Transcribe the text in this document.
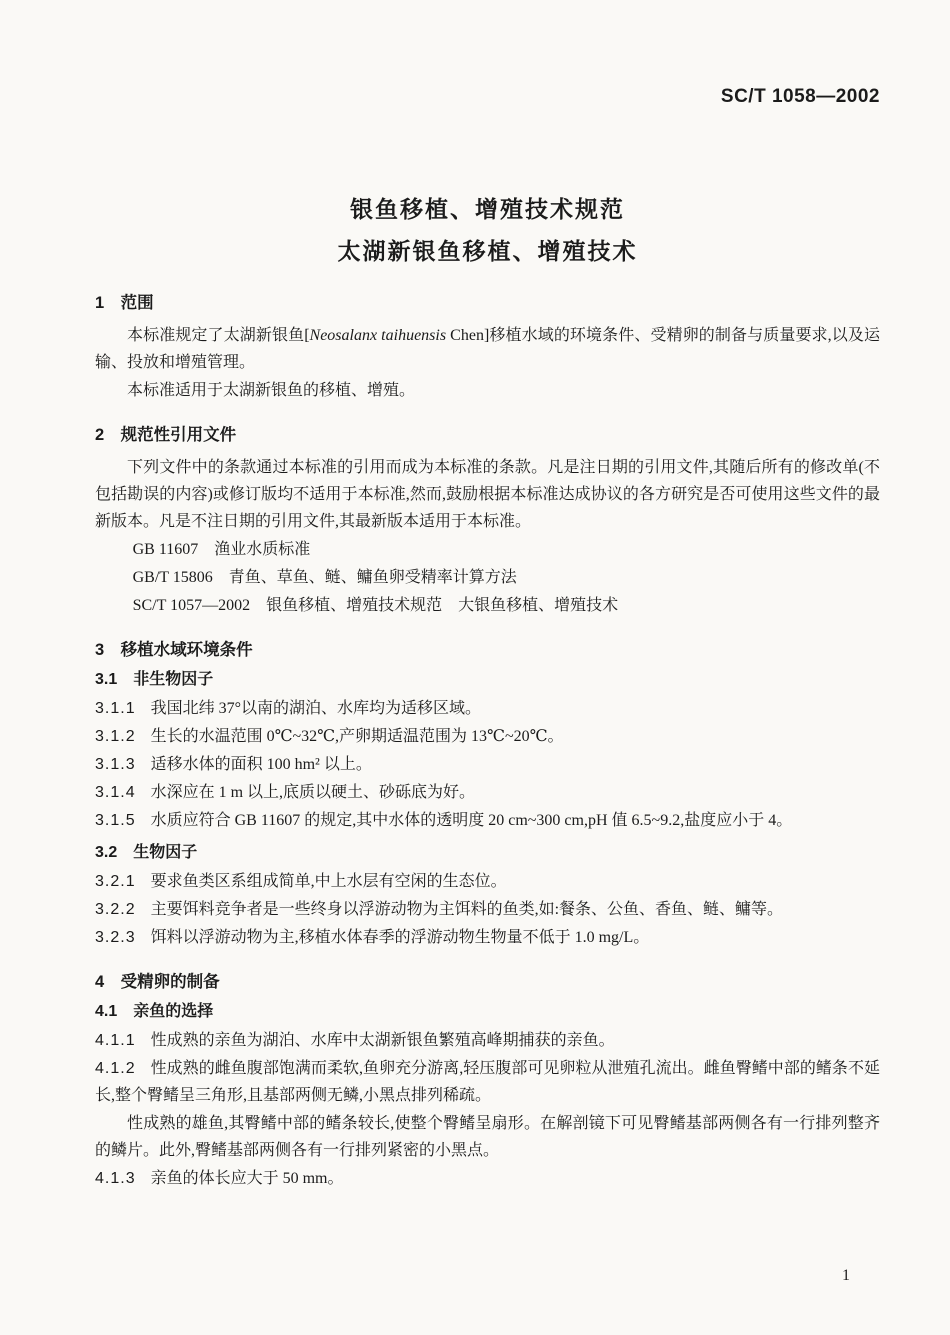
SC/T 1058—2002
银鱼移植、增殖技术规范
太湖新银鱼移植、增殖技术
1　范围

本标准规定了太湖新银鱼[Neosalanx taihuensis Chen]移植水域的环境条件、受精卵的制备与质量要求,以及运输、投放和增殖管理。

本标准适用于太湖新银鱼的移植、增殖。

2　规范性引用文件

下列文件中的条款通过本标准的引用而成为本标准的条款。凡是注日期的引用文件,其随后所有的修改单(不包括勘误的内容)或修订版均不适用于本标准,然而,鼓励根据本标准达成协议的各方研究是否可使用这些文件的最新版本。凡是不注日期的引用文件,其最新版本适用于本标准。

GB 11607　渔业水质标准

GB/T 15806　青鱼、草鱼、鲢、鳙鱼卵受精率计算方法

SC/T 1057—2002　银鱼移植、增殖技术规范　大银鱼移植、增殖技术

3　移植水域环境条件
3.1　非生物因子

3.1.1 我国北纬 37°以南的湖泊、水库均为适移区域。

3.1.2 生长的水温范围 0℃~32℃,产卵期适温范围为 13℃~20℃。

3.1.3 适移水体的面积 100 hm² 以上。

3.1.4 水深应在 1 m 以上,底质以硬土、砂砾底为好。

3.1.5 水质应符合 GB 11607 的规定,其中水体的透明度 20 cm~300 cm,pH 值 6.5~9.2,盐度应小于 4。

3.2　生物因子

3.2.1 要求鱼类区系组成简单,中上水层有空闲的生态位。

3.2.2 主要饵料竞争者是一些终身以浮游动物为主饵料的鱼类,如:餐条、公鱼、香鱼、鲢、鳙等。

3.2.3 饵料以浮游动物为主,移植水体春季的浮游动物生物量不低于 1.0 mg/L。

4　受精卵的制备
4.1　亲鱼的选择

4.1.1 性成熟的亲鱼为湖泊、水库中太湖新银鱼繁殖高峰期捕获的亲鱼。

4.1.2 性成熟的雌鱼腹部饱满而柔软,鱼卵充分游离,轻压腹部可见卵粒从泄殖孔流出。雌鱼臀鳍中部的鳍条不延长,整个臀鳍呈三角形,且基部两侧无鳞,小黑点排列稀疏。

性成熟的雄鱼,其臀鳍中部的鳍条较长,使整个臀鳍呈扇形。在解剖镜下可见臀鳍基部两侧各有一行排列整齐的鳞片。此外,臀鳍基部两侧各有一行排列紧密的小黑点。

4.1.3 亲鱼的体长应大于 50 mm。

1
